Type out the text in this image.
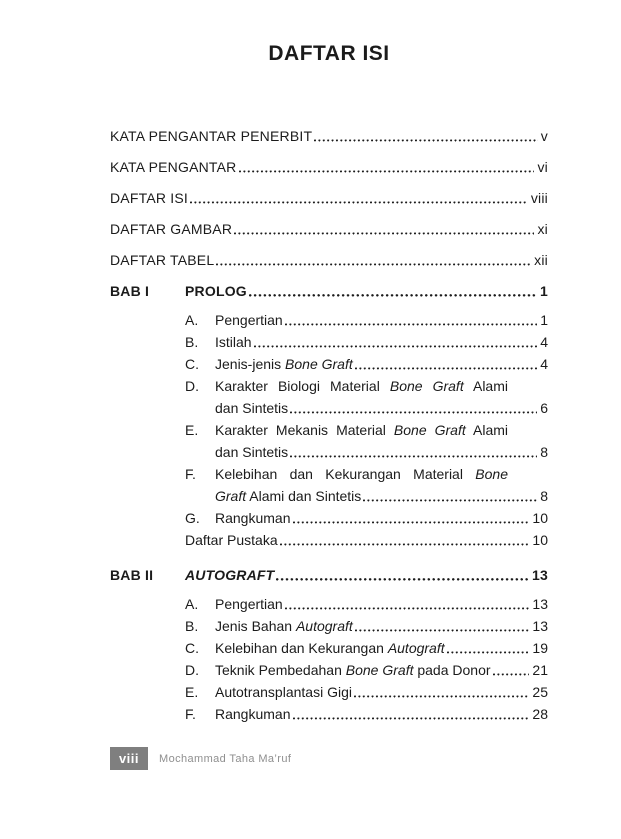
DAFTAR ISI
KATA PENGANTAR PENERBIT	v
KATA PENGANTAR	vi
DAFTAR ISI	viii
DAFTAR GAMBAR	xi
DAFTAR TABEL	xii
BAB I	PROLOG	1
A.	Pengertian	1
B.	Istilah	4
C.	Jenis-jenis Bone Graft	4
D.	Karakter Biologi Material Bone Graft Alami
dan Sintetis	6
E.	Karakter Mekanis Material Bone Graft Alami
dan Sintetis	8
F.	Kelebihan dan Kekurangan Material Bone
Graft Alami dan Sintetis	8
G.	Rangkuman	10
Daftar Pustaka	10
BAB II	AUTOGRAFT	13
A.	Pengertian	13
B.	Jenis Bahan Autograft	13
C.	Kelebihan dan Kekurangan Autograft	19
D.	Teknik Pembedahan Bone Graft pada Donor	21
E.	Autotransplantasi Gigi	25
F.	Rangkuman	28
viii	Mochammad Taha Ma’ruf
